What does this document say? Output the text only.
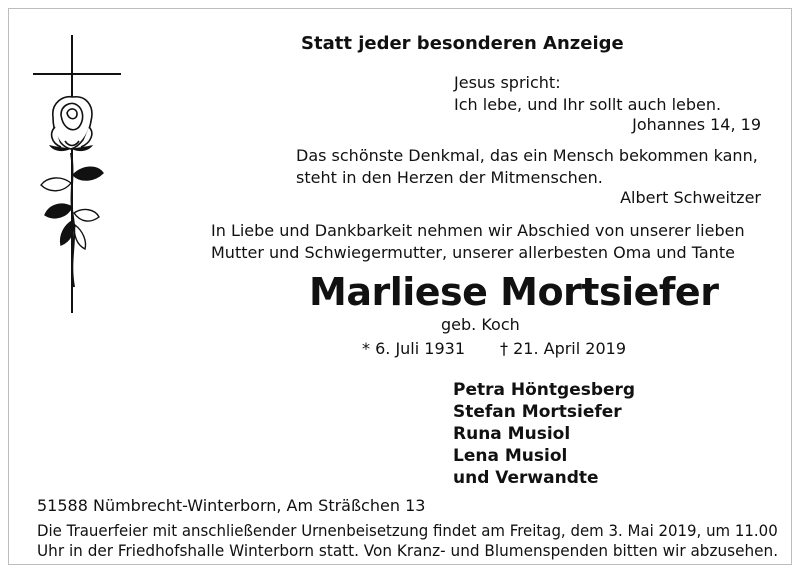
Statt jeder besonderen Anzeige
Jesus spricht:
Ich lebe, und Ihr sollt auch leben.
Johannes 14, 19
Das schönste Denkmal, das ein Mensch bekommen kann,
steht in den Herzen der Mitmenschen.
Albert Schweitzer
In Liebe und Dankbarkeit nehmen wir Abschied von unserer lieben
Mutter und Schwiegermutter, unserer allerbesten Oma und Tante
Marliese Mortsiefer
geb. Koch
* 6. Juli 1931 † 21. April 2019
Petra Höntgesberg
Stefan Mortsiefer
Runa Musiol
Lena Musiol
und Verwandte
51588 Nümbrecht-Winterborn, Am Sträßchen 13
Die Trauerfeier mit anschließender Urnenbeisetzung findet am Freitag, dem 3. Mai 2019, um 11.00
Uhr in der Friedhofshalle Winterborn statt. Von Kranz- und Blumenspenden bitten wir abzusehen.
